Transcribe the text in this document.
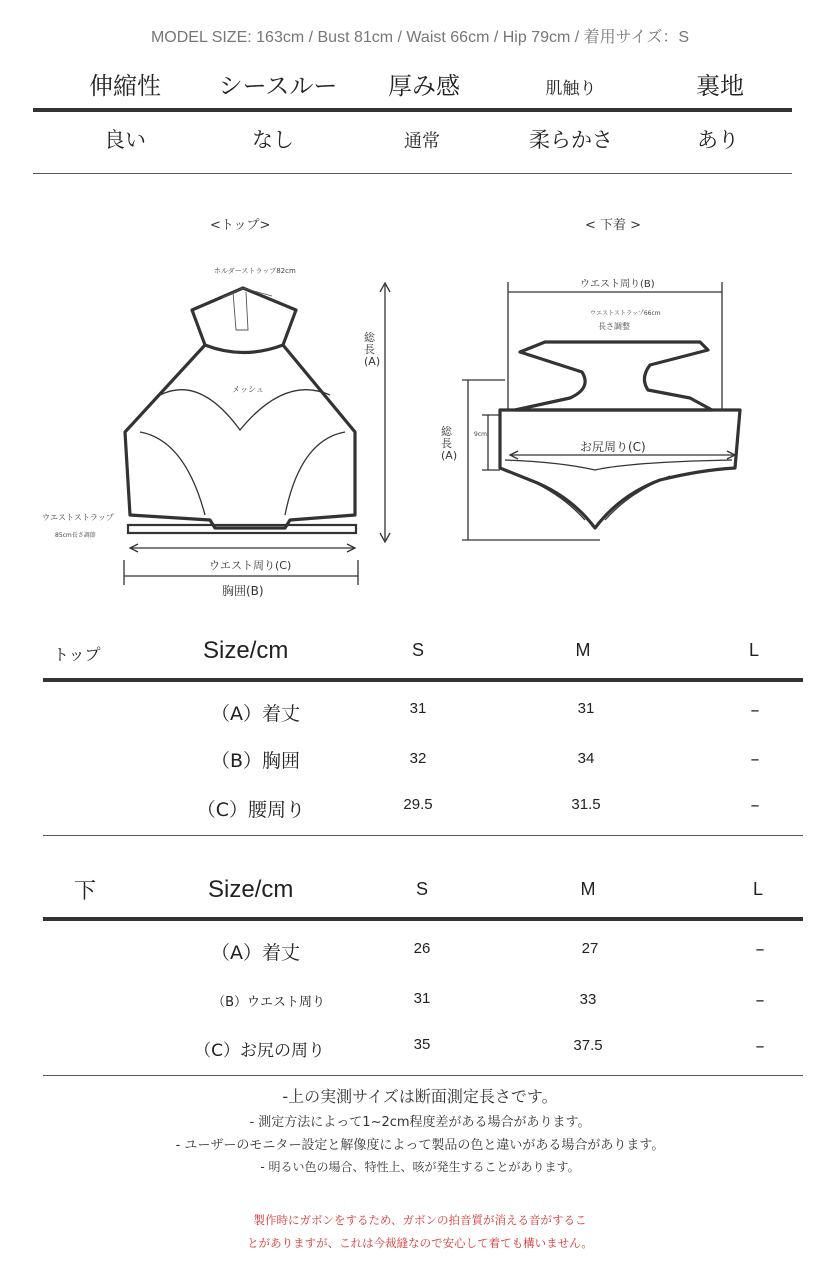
MODEL SIZE: 163cm / Bust 81cm / Waist 66cm / Hip 79cm / 着用サイズ：S
伸縮性	シースルー	厚み感	肌触り	裏地
良い	なし	通常	柔らかさ	あり
<トップ>
ホルダーストラップ82cm
メッシュ
総長(A)
ウエストストラップ
85cm長さ調節
ウエスト周り(C)
胸囲(B)
< 下着 >
ウエスト周り(B)
ウエストストラップ66cm
長さ調整
お尻周り(C)
総長(A)
9cm
トップ	Size/cm	S	M	L
（A）着丈	31	31	–
（B）胸囲	32	34	–
（C）腰周り	29.5	31.5	–
下	Size/cm	S	M	L
（A）着丈	26	27	–
（B）ウエスト周り	31	33	–
（C）お尻の周り	35	37.5	–
-上の実測サイズは断面測定長さです。
- 測定方法によって1~2cm程度差がある場合があります。
- ユーザーのモニター設定と解像度によって製品の色と違いがある場合があります。
- 明るい色の場合、特性上、咳が発生することがあります。
製作時にガボンをするため、ガボンの拍音質が消える音がするこ
とがありますが、これは今裁縫なので安心して着ても構いません。
